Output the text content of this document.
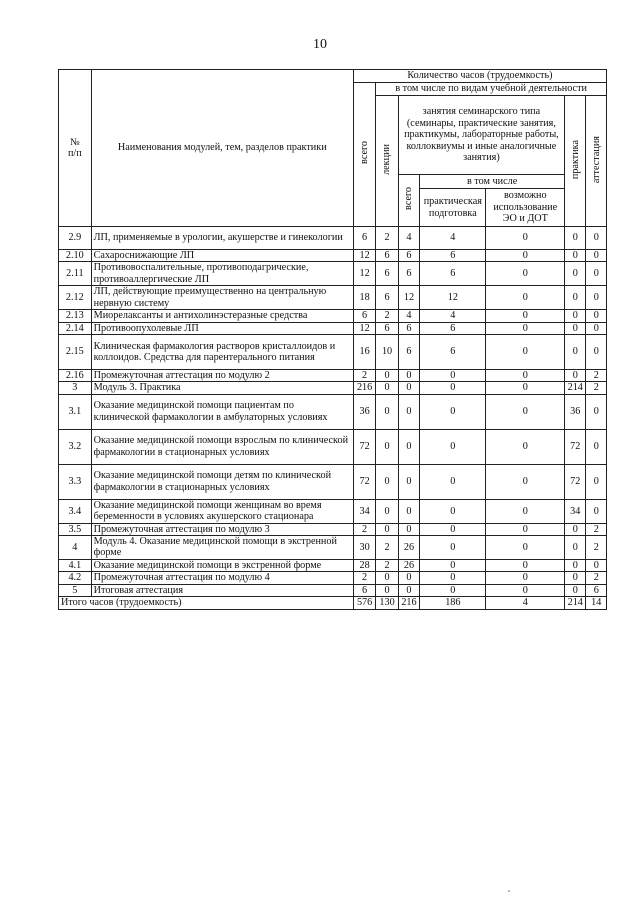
10
№
п/п	Наименования модулей, тем, разделов практики	Количество часов (трудоемкость)						
		всего	в том числе по видам учебной деятельности					
			лекции	занятия семинарского типа (семинары, практические занятия, практикумы, лабораторные работы, коллоквиумы и иные аналогичные занятия)			практика	аттестация
				всего	в том числе			
					практическая подготовка	возможно использование ЭО и ДОТ		
2.9	ЛП, применяемые в урологии, акушерстве и гинекологии	6	2	4	4	0	0	0
2.10	Сахароснижающие ЛП	12	6	6	6	0	0	0
2.11	Противовоспалительные, противоподагрические, противоаллергические ЛП	12	6	6	6	0	0	0
2.12	ЛП, действующие преимущественно на центральную нервную систему	18	6	12	12	0	0	0
2.13	Миорелаксанты и антихолинэстеразные средства	6	2	4	4	0	0	0
2.14	Противоопухолевые ЛП	12	6	6	6	0	0	0
2.15	Клиническая фармакология растворов кристаллоидов и коллоидов. Средства для парентерального питания	16	10	6	6	0	0	0
2.16	Промежуточная аттестация по модулю 2	2	0	0	0	0	0	2
3	Модуль 3. Практика	216	0	0	0	0	214	2
3.1	Оказание медицинской помощи пациентам по клинической фармакологии в амбулаторных условиях	36	0	0	0	0	36	0
3.2	Оказание медицинской помощи взрослым по клинической фармакологии в стационарных условиях	72	0	0	0	0	72	0
3.3	Оказание медицинской помощи детям по клинической фармакологии в стационарных условиях	72	0	0	0	0	72	0
3.4	Оказание медицинской помощи женщинам во время беременности в условиях акушерского стационара	34	0	0	0	0	34	0
3.5	Промежуточная аттестация по модулю 3	2	0	0	0	0	0	2
4	Модуль 4. Оказание медицинской помощи в экстренной форме	30	2	26	0	0	0	2
4.1	Оказание медицинской помощи в экстренной форме	28	2	26	0	0	0	0
4.2	Промежуточная аттестация по модулю 4	2	0	0	0	0	0	2
5	Итоговая аттестация	6	0	0	0	0	0	6
Итого часов (трудоемкость)		576	130	216	186	4	214	14
